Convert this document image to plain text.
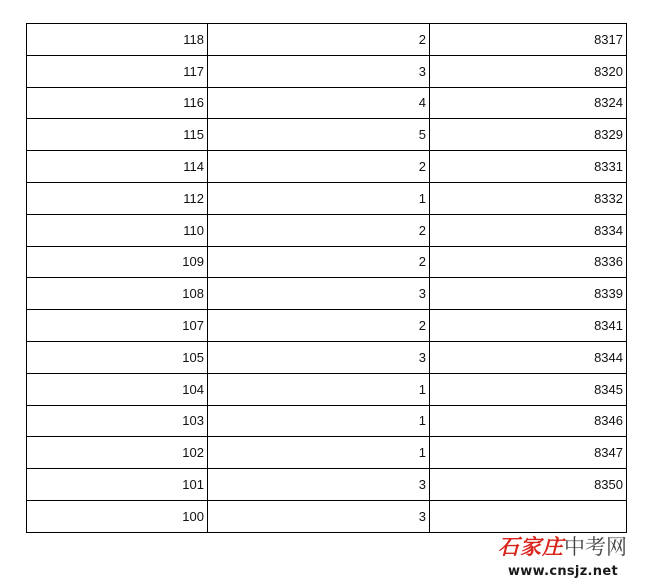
118	2	8317
117	3	8320
116	4	8324
115	5	8329
114	2	8331
112	1	8332
110	2	8334
109	2	8336
108	3	8339
107	2	8341
105	3	8344
104	1	8345
103	1	8346
102	1	8347
101	3	8350
100	3	
石家庄中考网
www.cnsjz.net
